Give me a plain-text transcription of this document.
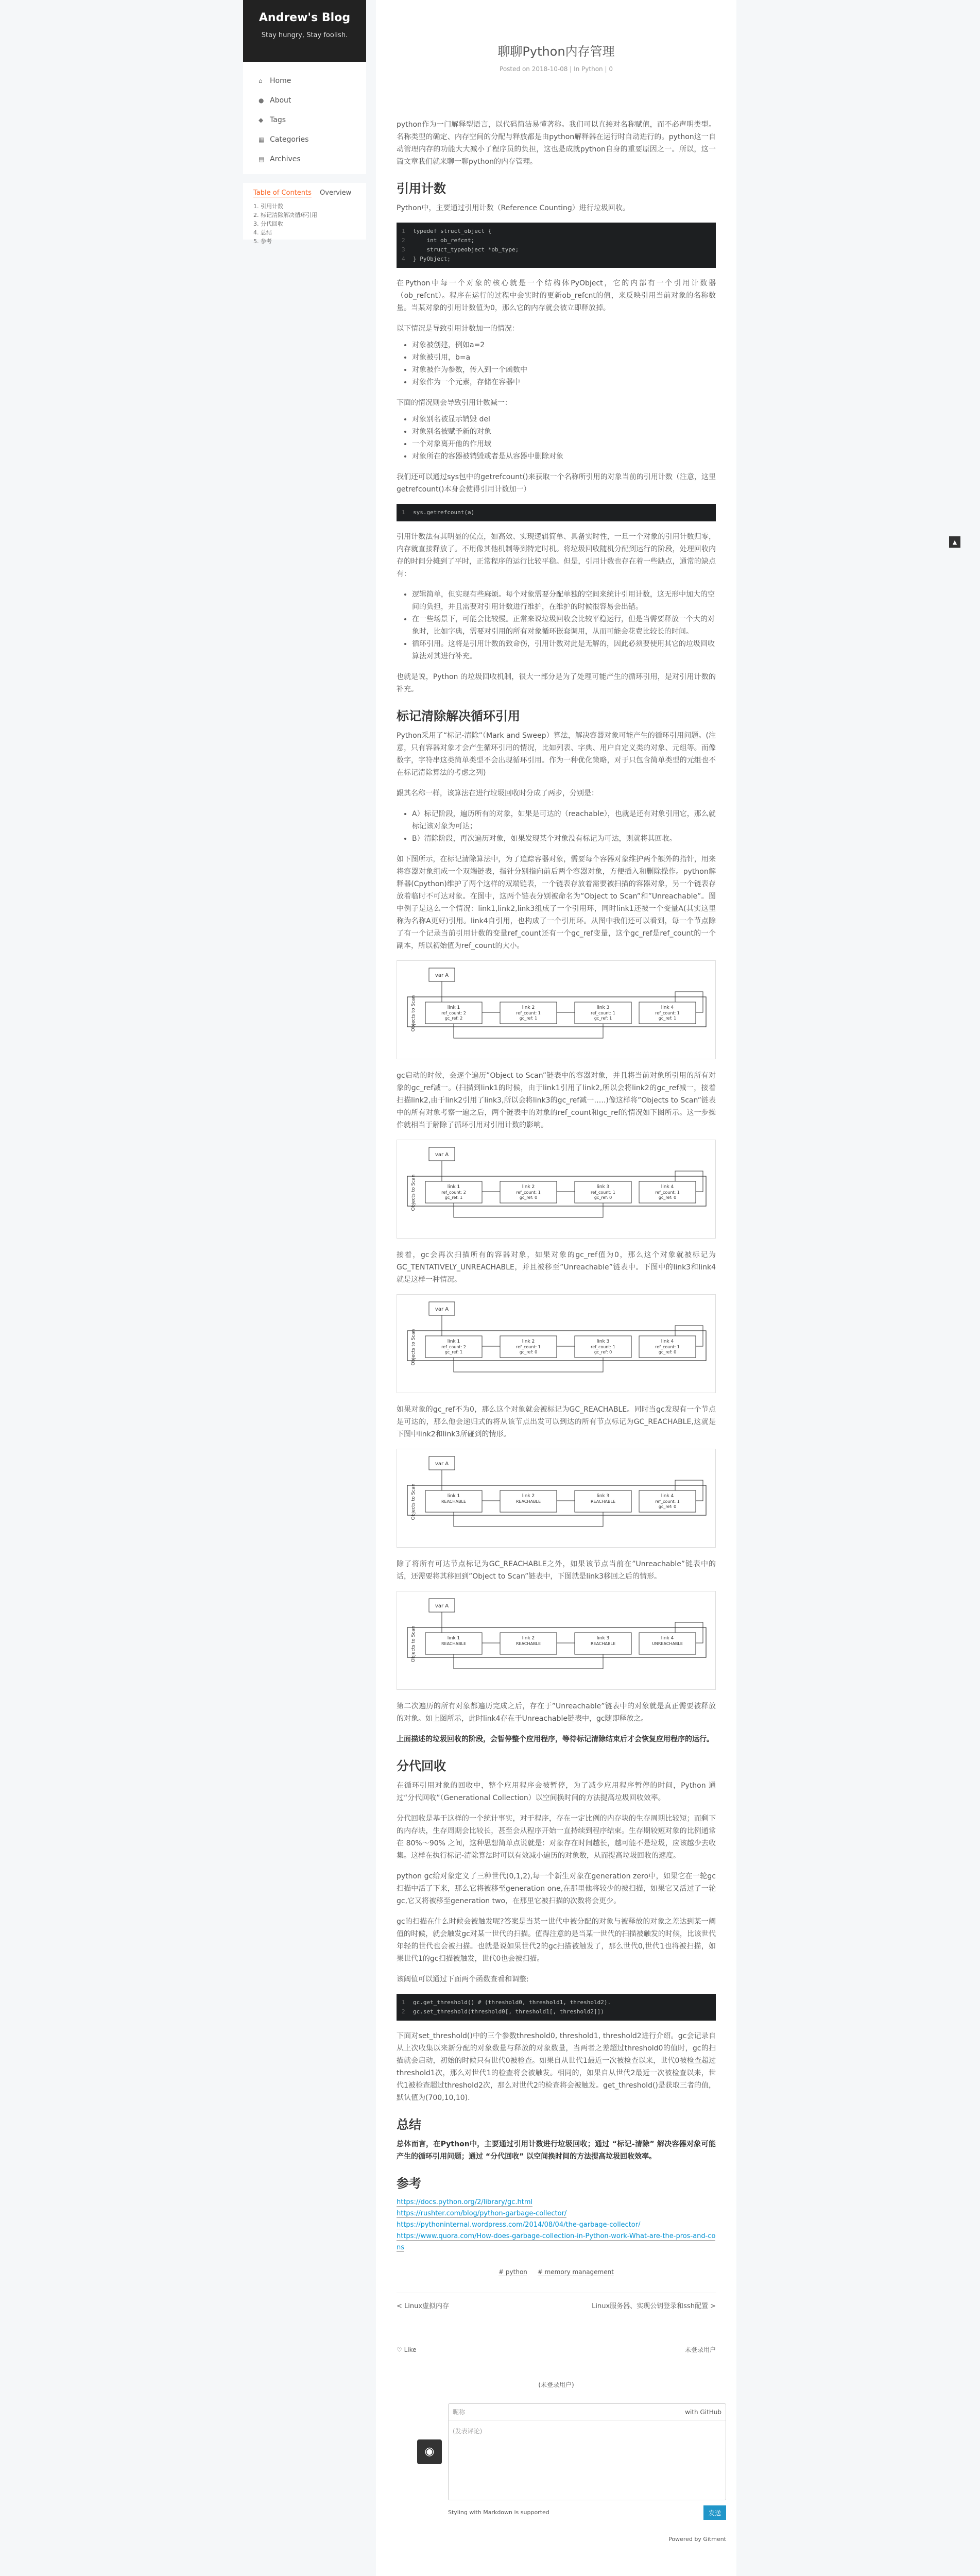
Andrew's Blog
Stay hungry, Stay foolish.
⌂ Home
● About
◆ Tags
▦ Categories
▤ Archives
Table of Contents Overview
1. 引用计数
2. 标记清除解决循环引用
3. 分代回收
4. 总结
5. 参考
▲
聊聊Python内存管理
Posted on 2018-10-08 | In Python | 0

python作为一门解释型语言，以代码简洁易懂著称。我们可以直接对名称赋值，而不必声明类型。名称类型的确定、内存空间的分配与释放都是由python解释器在运行时自动进行的。python这一自动管理内存的功能大大减小了程序员的负担，这也是成就python自身的重要原因之一。所以，这一篇文章我们就来聊一聊python的内存管理。

引用计数

Python中，主要通过引用计数（Reference Counting）进行垃圾回收。

1 typedef struct_object {
2    int ob_refcnt;
3    struct_typeobject *ob_type;
4 } PyObject;

在Python中每一个对象的核心就是一个结构体PyObject，它的内部有一个引用计数器（ob_refcnt）。程序在运行的过程中会实时的更新ob_refcnt的值，来反映引用当前对象的名称数量。当某对象的引用计数值为0，那么它的内存就会被立即释放掉。

以下情况是导致引用计数加一的情况：

• 对象被创建，例如a=2
• 对象被引用，b=a
• 对象被作为参数，传入到一个函数中
• 对象作为一个元素，存储在容器中

下面的情况则会导致引用计数减一：

• 对象别名被显示销毁 del
• 对象别名被赋予新的对象
• 一个对象离开他的作用域
• 对象所在的容器被销毁或者是从容器中删除对象

我们还可以通过sys包中的getrefcount()来获取一个名称所引用的对象当前的引用计数（注意，这里getrefcount()本身会使得引用计数加一）

1 sys.getrefcount(a)

引用计数法有其明显的优点，如高效、实现逻辑简单、具备实时性，一旦一个对象的引用计数归零，内存就直接释放了。不用像其他机制等到特定时机。将垃圾回收随机分配到运行的阶段，处理回收内存的时间分摊到了平时，正常程序的运行比较平稳。但是，引用计数也存在着一些缺点，通常的缺点有：

• 逻辑简单，但实现有些麻烦。每个对象需要分配单独的空间来统计引用计数，这无形中加大的空间的负担，并且需要对引用计数进行维护，在维护的时候很容易会出错。
• 在一些场景下，可能会比较慢。正常来说垃圾回收会比较平稳运行，但是当需要释放一个大的对象时，比如字典，需要对引用的所有对象循环嵌套调用，从而可能会花费比较长的时间。
• 循环引用。这将是引用计数的致命伤，引用计数对此是无解的，因此必须要使用其它的垃圾回收算法对其进行补充。

也就是说，Python 的垃圾回收机制，很大一部分是为了处理可能产生的循环引用，是对引用计数的补充。

标记清除解决循环引用

Python采用了“标记-清除”（Mark and Sweep）算法，解决容器对象可能产生的循环引用问题。(注意，只有容器对象才会产生循环引用的情况，比如列表、字典、用户自定义类的对象、元组等。而像数字，字符串这类简单类型不会出现循环引用。作为一种优化策略，对于只包含简单类型的元组也不在标记清除算法的考虑之列)

跟其名称一样，该算法在进行垃圾回收时分成了两步，分别是：

• A）标记阶段，遍历所有的对象，如果是可达的（reachable），也就是还有对象引用它，那么就标记该对象为可达；
• B）清除阶段，再次遍历对象，如果发现某个对象没有标记为可达，则就将其回收。

如下图所示，在标记清除算法中，为了追踪容器对象，需要每个容器对象维护两个额外的指针，用来将容器对象组成一个双端链表，指针分别指向前后两个容器对象，方便插入和删除操作。python解释器(Cpython)维护了两个这样的双端链表，一个链表存放着需要被扫描的容器对象，另一个链表存放着临时不可达对象。在图中，这两个链表分别被命名为”Object to Scan”和”Unreachable”。图中例子是这么一个情况：link1,link2,link3组成了一个引用环，同时link1还被一个变量A(其实这里称为名称A更好)引用。link4自引用，也构成了一个引用环。从图中我们还可以看到，每一个节点除了有一个记录当前引用计数的变量ref_count还有一个gc_ref变量，这个gc_ref是ref_count的一个副本，所以初始值为ref_count的大小。

Objects to Scan
var A
link 1
ref_count: 2
gc_ref: 2
link 2
ref_count: 1
gc_ref: 1
link 3
ref_count: 1
gc_ref: 1
link 4
ref_count: 1
gc_ref: 1

gc启动的时候，会逐个遍历”Object to Scan”链表中的容器对象，并且将当前对象所引用的所有对象的gc_ref减一。(扫描到link1的时候，由于link1引用了link2,所以会将link2的gc_ref减一，接着扫描link2,由于link2引用了link3,所以会将link3的gc_ref减一…..)像这样将”Objects to Scan”链表中的所有对象考察一遍之后，两个链表中的对象的ref_count和gc_ref的情况如下图所示。这一步操作就相当于解除了循环引用对引用计数的影响。

Objects to Scan
var A
link 1
ref_count: 2
gc_ref: 1
link 2
ref_count: 1
gc_ref: 0
link 3
ref_count: 1
gc_ref: 0
link 4
ref_count: 1
gc_ref: 0

接着，gc会再次扫描所有的容器对象，如果对象的gc_ref值为0，那么这个对象就被标记为GC_TENTATIVELY_UNREACHABLE，并且被移至”Unreachable”链表中。下图中的link3和link4就是这样一种情况。

Objects to Scan
var A
link 1
ref_count: 2
gc_ref: 1
link 2
ref_count: 1
gc_ref: 0
link 3
ref_count: 1
gc_ref: 0
link 4
ref_count: 1
gc_ref: 0

如果对象的gc_ref不为0，那么这个对象就会被标记为GC_REACHABLE。同时当gc发现有一个节点是可达的，那么他会递归式的将从该节点出发可以到达的所有节点标记为GC_REACHABLE,这就是下图中link2和link3所碰到的情形。

Objects to Scan
var A
link 1
REACHABLE
link 2
REACHABLE
link 3
REACHABLE
link 4
ref_count: 1
gc_ref: 0

除了将所有可达节点标记为GC_REACHABLE之外，如果该节点当前在”Unreachable”链表中的话，还需要将其移回到”Object to Scan”链表中，下图就是link3移回之后的情形。

Objects to Scan
var A
link 1
REACHABLE
link 2
REACHABLE
link 3
REACHABLE
link 4
UNREACHABLE

第二次遍历的所有对象都遍历完成之后，存在于”Unreachable”链表中的对象就是真正需要被释放的对象。如上图所示，此时link4存在于Unreachable链表中，gc随即释放之。

上面描述的垃圾回收的阶段，会暂停整个应用程序，等待标记清除结束后才会恢复应用程序的运行。

分代回收

在循环引用对象的回收中，整个应用程序会被暂停，为了减少应用程序暂停的时间，Python 通过“分代回收”（Generational Collection）以空间换时间的方法提高垃圾回收效率。

分代回收是基于这样的一个统计事实，对于程序，存在一定比例的内存块的生存周期比较短；而剩下的内存块，生存周期会比较长，甚至会从程序开始一直持续到程序结束。生存期较短对象的比例通常在 80%～90% 之间，这种思想简单点说就是：对象存在时间越长，越可能不是垃圾，应该越少去收集。这样在执行标记-清除算法时可以有效减小遍历的对象数，从而提高垃圾回收的速度。

python gc给对象定义了三种世代(0,1,2),每一个新生对象在generation zero中，如果它在一轮gc扫描中活了下来，那么它将被移至generation one,在那里他将较少的被扫描，如果它又活过了一轮gc,它又将被移至generation two，在那里它被扫描的次数将会更少。

gc的扫描在什么时候会被触发呢?答案是当某一世代中被分配的对象与被释放的对象之差达到某一阈值的时候，就会触发gc对某一世代的扫描。值得注意的是当某一世代的扫描被触发的时候，比该世代年轻的世代也会被扫描。也就是说如果世代2的gc扫描被触发了，那么世代0,世代1也将被扫描，如果世代1的gc扫描被触发，世代0也会被扫描。

该阈值可以通过下面两个函数查看和调整:

1 gc.get_threshold() # (threshold0, threshold1, threshold2).
2 gc.set_threshold(threshold0[, threshold1[, threshold2]])

下面对set_threshold()中的三个参数threshold0, threshold1, threshold2进行介绍。gc会记录自从上次收集以来新分配的对象数量与释放的对象数量，当两者之差超过threshold0的值时，gc的扫描就会启动，初始的时候只有世代0被检查。如果自从世代1最近一次被检查以来，世代0被检查超过threshold1次，那么对世代1的检查将会被触发。相同的，如果自从世代2最近一次被检查以来，世代1被检查超过threshold2次，那么对世代2的检查将会被触发。get_threshold()是获取三者的值，默认值为(700,10,10).

总结

总体而言，在Python中，主要通过引用计数进行垃圾回收；通过 “标记-清除” 解决容器对象可能产生的循环引用问题；通过 “分代回收” 以空间换时间的方法提高垃圾回收效率。

参考
https://docs.python.org/2/library/gc.html
https://rushter.com/blog/python-garbage-collector/
https://pythoninternal.wordpress.com/2014/08/04/the-garbage-collector/
https://www.quora.com/How-does-garbage-collection-in-Python-work-What-are-the-pros-and-cons
# python # memory management
< Linux虚拟内存	Linux服务器、实现公钥登录和ssh配置 >
♡ Like	未登录用户
(未登录用户)
◉
昵称	with GitHub
(发表评论)
Styling with Markdown is supported	发送
Powered by Gitment
